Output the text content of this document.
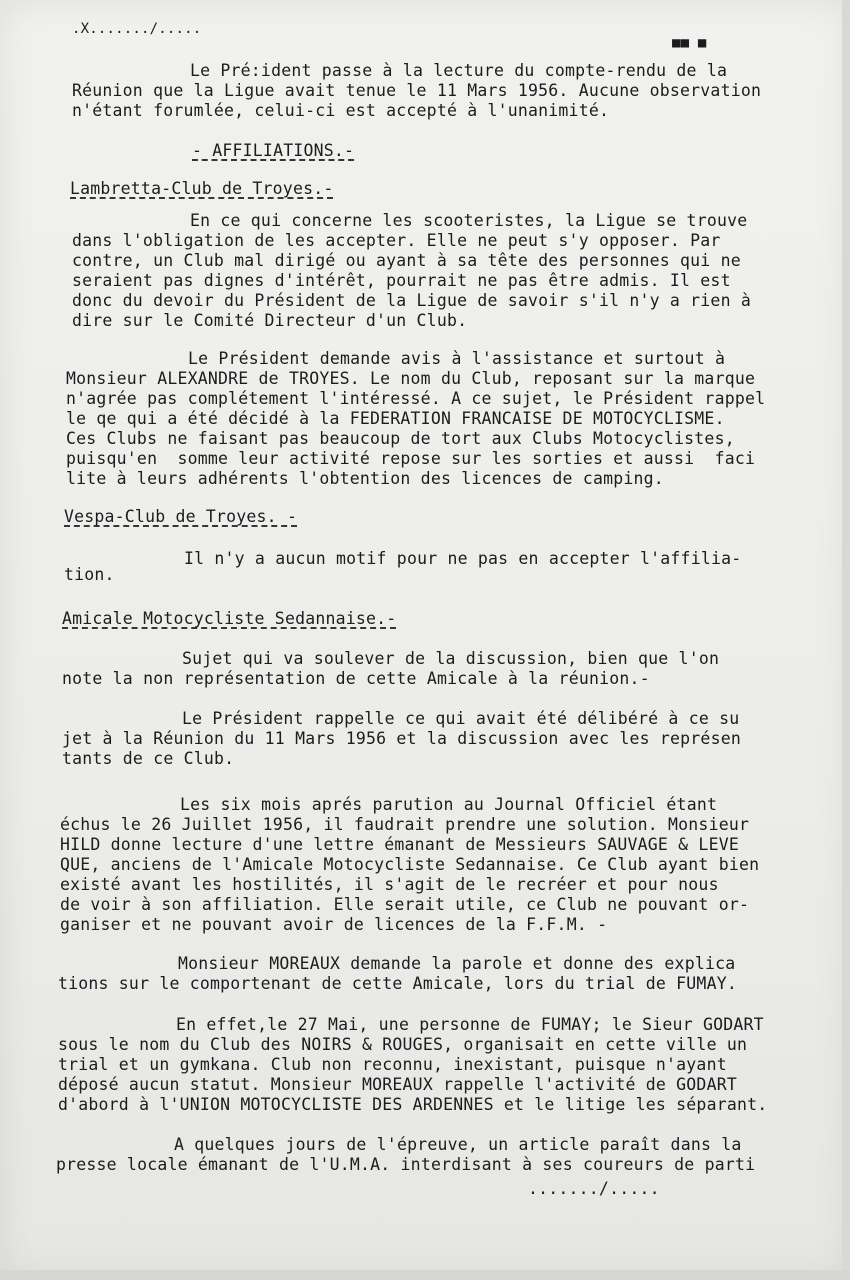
.X......./.....
■■ ■
Le Pré:ident passe à la lecture du compte-rendu de la
Réunion que la Ligue avait tenue le 11 Mars 1956. Aucune observation
n'étant forumlée, celui-ci est accepté à l'unanimité.
- AFFILIATIONS.-
Lambretta-Club de Troyes.-
En ce qui concerne les scooteristes, la Ligue se trouve
dans l'obligation de les accepter. Elle ne peut s'y opposer. Par
contre, un Club mal dirigé ou ayant à sa tête des personnes qui ne
seraient pas dignes d'intérêt, pourrait ne pas être admis. Il est
donc du devoir du Président de la Ligue de savoir s'il n'y a rien à
dire sur le Comité Directeur d'un Club.
Le Président demande avis à l'assistance et surtout à
Monsieur ALEXANDRE de TROYES. Le nom du Club, reposant sur la marque
n'agrée pas complétement l'intéressé. A ce sujet, le Président rappel
le qe qui a été décidé à la FEDERATION FRANCAISE DE MOTOCYCLISME.
Ces Clubs ne faisant pas beaucoup de tort aux Clubs Motocyclistes,
puisqu'en  somme leur activité repose sur les sorties et aussi  faci
lite à leurs adhérents l'obtention des licences de camping.
Vespa-Club de Troyes. -
Il n'y a aucun motif pour ne pas en accepter l'affilia-
tion.
Amicale Motocycliste Sedannaise.-
Sujet qui va soulever de la discussion, bien que l'on
note la non représentation de cette Amicale à la réunion.-
Le Président rappelle ce qui avait été délibéré à ce su
jet à la Réunion du 11 Mars 1956 et la discussion avec les représen
tants de ce Club.
Les six mois aprés parution au Journal Officiel étant
échus le 26 Juillet 1956, il faudrait prendre une solution. Monsieur
HILD donne lecture d'une lettre émanant de Messieurs SAUVAGE & LEVE
QUE, anciens de l'Amicale Motocycliste Sedannaise. Ce Club ayant bien
existé avant les hostilités, il s'agit de le recréer et pour nous
de voir à son affiliation. Elle serait utile, ce Club ne pouvant or-
ganiser et ne pouvant avoir de licences de la F.F.M. -
Monsieur MOREAUX demande la parole et donne des explica
tions sur le comportenant de cette Amicale, lors du trial de FUMAY.
En effet,le 27 Mai, une personne de FUMAY; le Sieur GODART
sous le nom du Club des NOIRS & ROUGES, organisait en cette ville un
trial et un gymkana. Club non reconnu, inexistant, puisque n'ayant
déposé aucun statut. Monsieur MOREAUX rappelle l'activité de GODART
d'abord à l'UNION MOTOCYCLISTE DES ARDENNES et le litige les séparant.
A quelques jours de l'épreuve, un article paraît dans la
presse locale émanant de l'U.M.A. interdisant à ses coureurs de parti
......./.....
